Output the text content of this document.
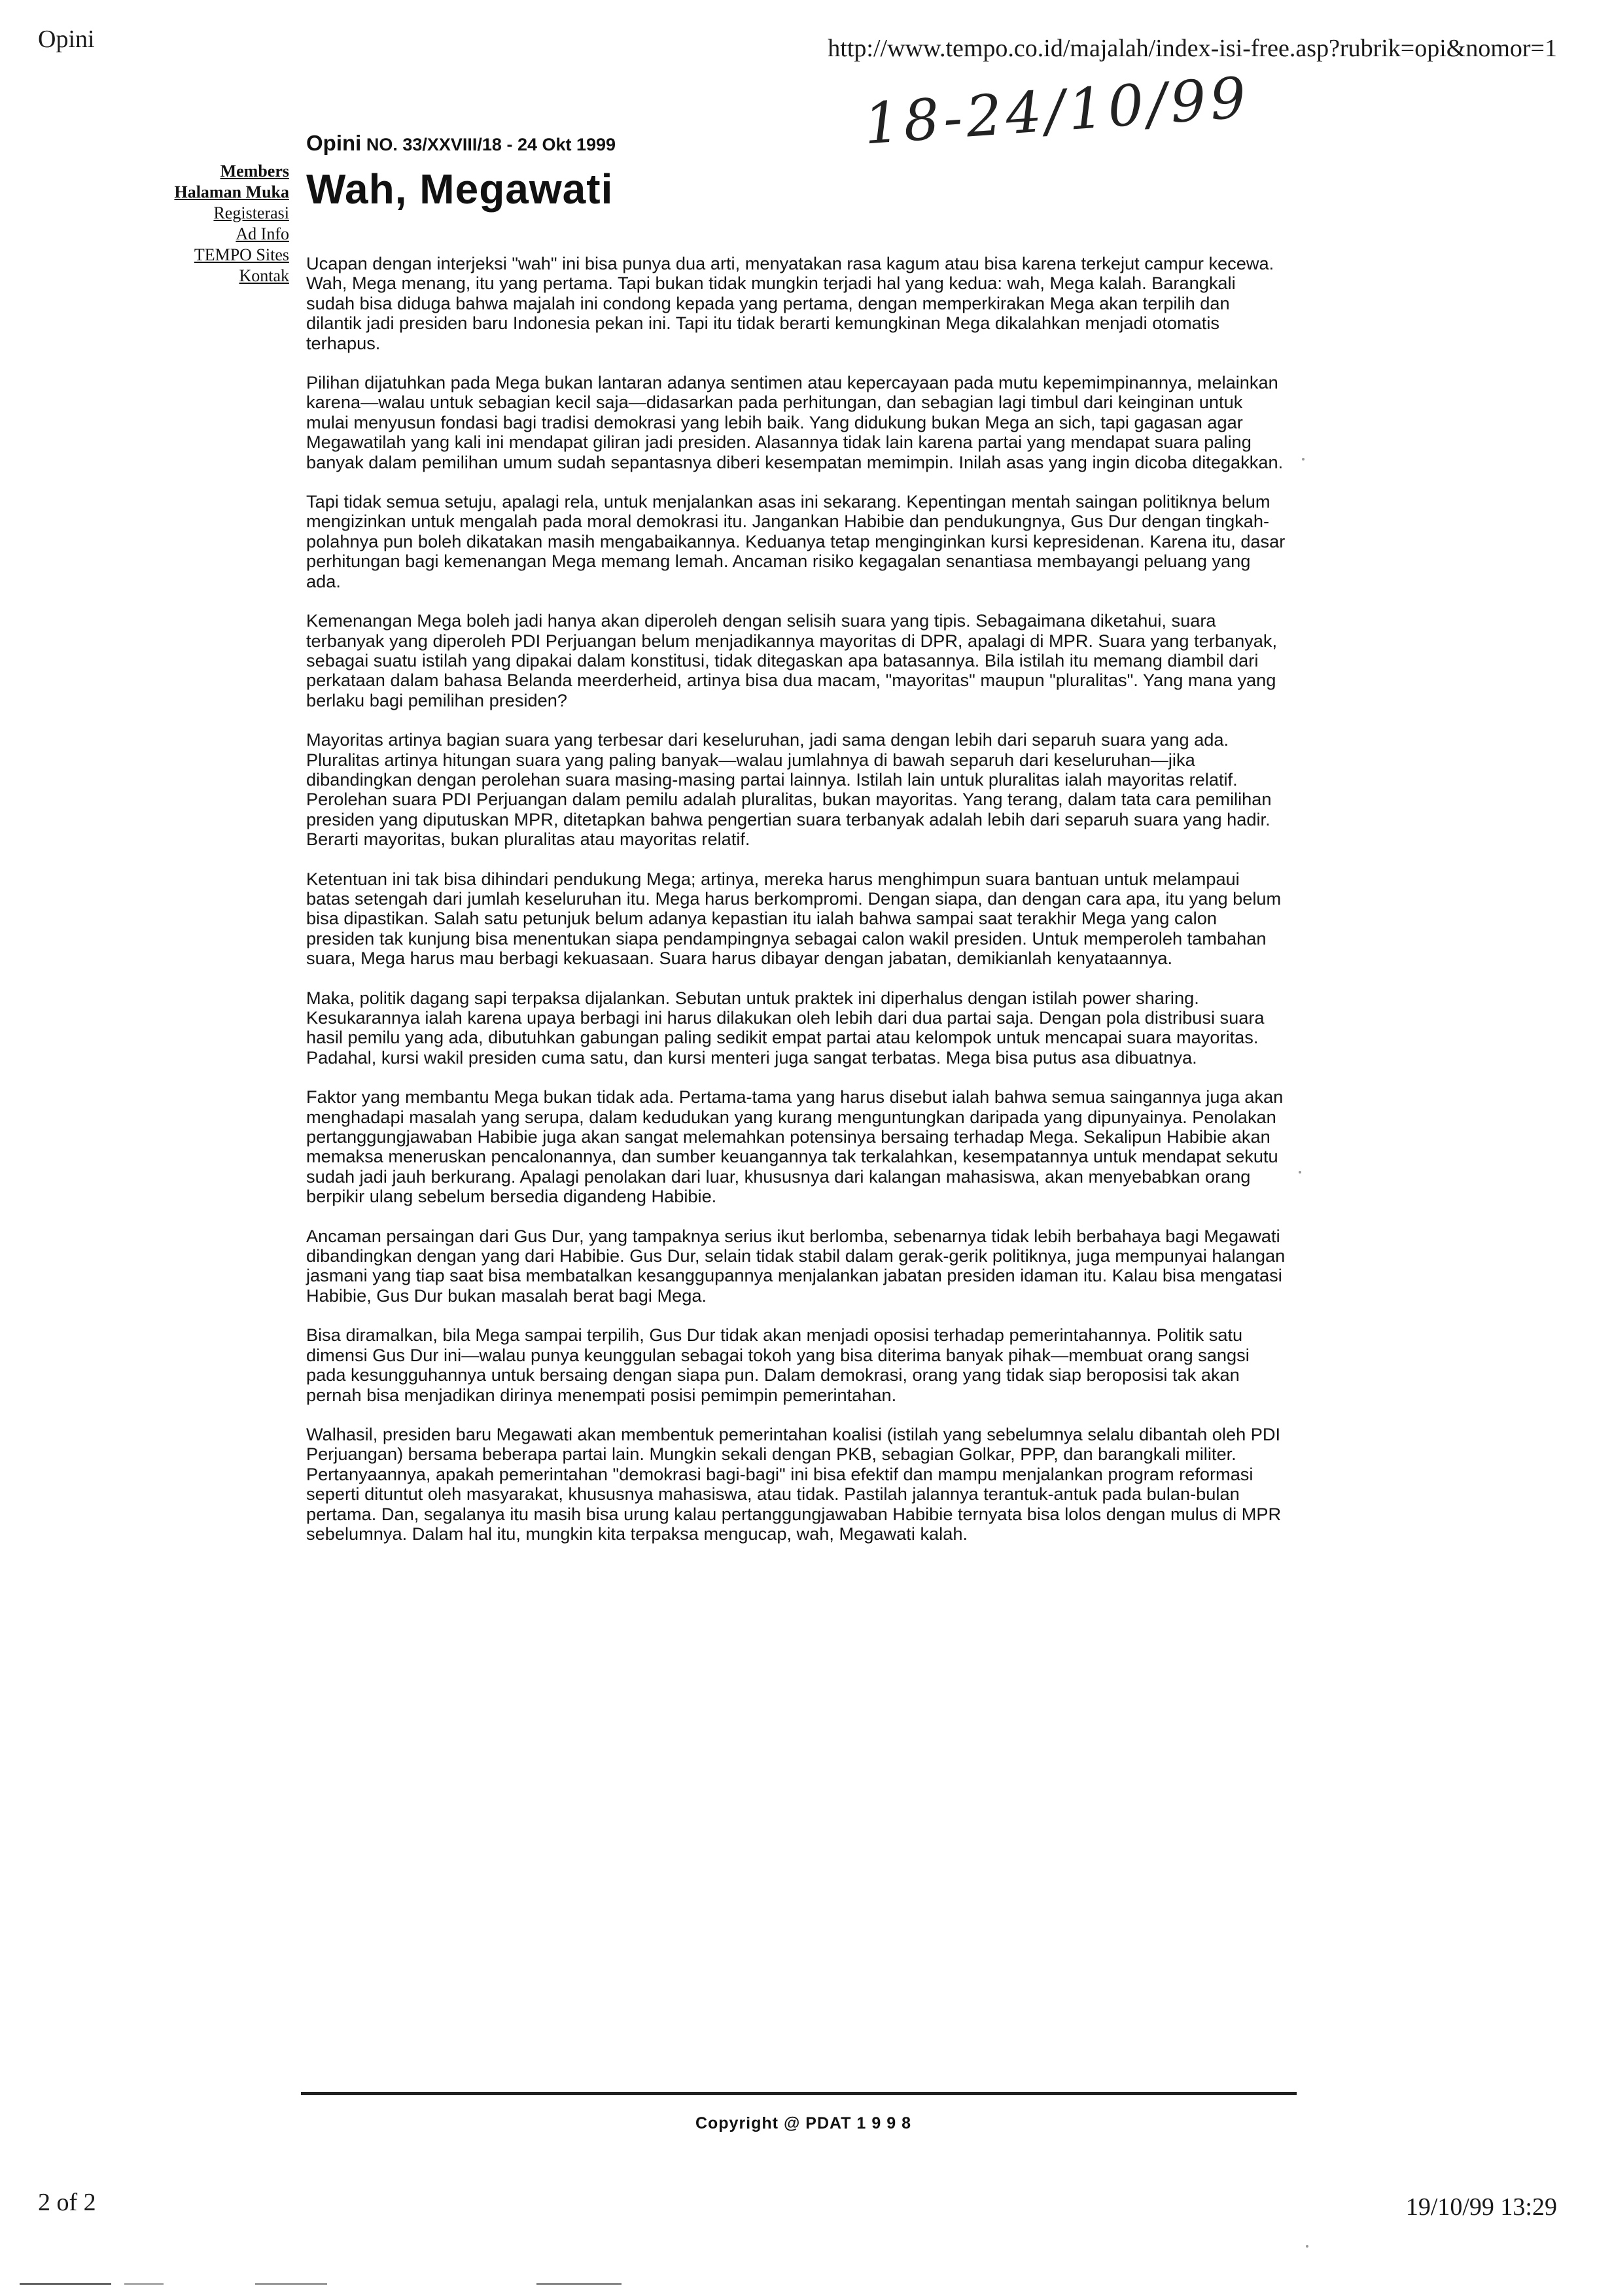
Opini	http://www.tempo.co.id/majalah/index-isi-free.asp?rubrik=opi&nomor=1
18-24/10/99
Opini NO. 33/XXVIII/18 - 24 Okt 1999
Members
Halaman Muka
Registerasi
Ad Info
TEMPO Sites
Kontak
Wah, Megawati

Ucapan dengan interjeksi "wah" ini bisa punya dua arti, menyatakan rasa kagum atau bisa karena terkejut campur kecewa. Wah, Mega menang, itu yang pertama. Tapi bukan tidak mungkin terjadi hal yang kedua: wah, Mega kalah. Barangkali sudah bisa diduga bahwa majalah ini condong kepada yang pertama, dengan memperkirakan Mega akan terpilih dan dilantik jadi presiden baru Indonesia pekan ini. Tapi itu tidak berarti kemungkinan Mega dikalahkan menjadi otomatis terhapus.

Pilihan dijatuhkan pada Mega bukan lantaran adanya sentimen atau kepercayaan pada mutu kepemimpinannya, melainkan karena—walau untuk sebagian kecil saja—didasarkan pada perhitungan, dan sebagian lagi timbul dari keinginan untuk mulai menyusun fondasi bagi tradisi demokrasi yang lebih baik. Yang didukung bukan Mega an sich, tapi gagasan agar Megawatilah yang kali ini mendapat giliran jadi presiden. Alasannya tidak lain karena partai yang mendapat suara paling banyak dalam pemilihan umum sudah sepantasnya diberi kesempatan memimpin. Inilah asas yang ingin dicoba ditegakkan.

Tapi tidak semua setuju, apalagi rela, untuk menjalankan asas ini sekarang. Kepentingan mentah saingan politiknya belum mengizinkan untuk mengalah pada moral demokrasi itu. Jangankan Habibie dan pendukungnya, Gus Dur dengan tingkah-polahnya pun boleh dikatakan masih mengabaikannya. Keduanya tetap menginginkan kursi kepresidenan. Karena itu, dasar perhitungan bagi kemenangan Mega memang lemah. Ancaman risiko kegagalan senantiasa membayangi peluang yang ada.

Kemenangan Mega boleh jadi hanya akan diperoleh dengan selisih suara yang tipis. Sebagaimana diketahui, suara terbanyak yang diperoleh PDI Perjuangan belum menjadikannya mayoritas di DPR, apalagi di MPR. Suara yang terbanyak, sebagai suatu istilah yang dipakai dalam konstitusi, tidak ditegaskan apa batasannya. Bila istilah itu memang diambil dari perkataan dalam bahasa Belanda meerderheid, artinya bisa dua macam, "mayoritas" maupun "pluralitas". Yang mana yang berlaku bagi pemilihan presiden?

Mayoritas artinya bagian suara yang terbesar dari keseluruhan, jadi sama dengan lebih dari separuh suara yang ada. Pluralitas artinya hitungan suara yang paling banyak—walau jumlahnya di bawah separuh dari keseluruhan—jika dibandingkan dengan perolehan suara masing-masing partai lainnya. Istilah lain untuk pluralitas ialah mayoritas relatif. Perolehan suara PDI Perjuangan dalam pemilu adalah pluralitas, bukan mayoritas. Yang terang, dalam tata cara pemilihan presiden yang diputuskan MPR, ditetapkan bahwa pengertian suara terbanyak adalah lebih dari separuh suara yang hadir. Berarti mayoritas, bukan pluralitas atau mayoritas relatif.

Ketentuan ini tak bisa dihindari pendukung Mega; artinya, mereka harus menghimpun suara bantuan untuk melampaui batas setengah dari jumlah keseluruhan itu. Mega harus berkompromi. Dengan siapa, dan dengan cara apa, itu yang belum bisa dipastikan. Salah satu petunjuk belum adanya kepastian itu ialah bahwa sampai saat terakhir Mega yang calon presiden tak kunjung bisa menentukan siapa pendampingnya sebagai calon wakil presiden. Untuk memperoleh tambahan suara, Mega harus mau berbagi kekuasaan. Suara harus dibayar dengan jabatan, demikianlah kenyataannya.

Maka, politik dagang sapi terpaksa dijalankan. Sebutan untuk praktek ini diperhalus dengan istilah power sharing. Kesukarannya ialah karena upaya berbagi ini harus dilakukan oleh lebih dari dua partai saja. Dengan pola distribusi suara hasil pemilu yang ada, dibutuhkan gabungan paling sedikit empat partai atau kelompok untuk mencapai suara mayoritas. Padahal, kursi wakil presiden cuma satu, dan kursi menteri juga sangat terbatas. Mega bisa putus asa dibuatnya.

Faktor yang membantu Mega bukan tidak ada. Pertama-tama yang harus disebut ialah bahwa semua saingannya juga akan menghadapi masalah yang serupa, dalam kedudukan yang kurang menguntungkan daripada yang dipunyainya. Penolakan pertanggungjawaban Habibie juga akan sangat melemahkan potensinya bersaing terhadap Mega. Sekalipun Habibie akan memaksa meneruskan pencalonannya, dan sumber keuangannya tak terkalahkan, kesempatannya untuk mendapat sekutu sudah jadi jauh berkurang. Apalagi penolakan dari luar, khususnya dari kalangan mahasiswa, akan menyebabkan orang berpikir ulang sebelum bersedia digandeng Habibie.

Ancaman persaingan dari Gus Dur, yang tampaknya serius ikut berlomba, sebenarnya tidak lebih berbahaya bagi Megawati dibandingkan dengan yang dari Habibie. Gus Dur, selain tidak stabil dalam gerak-gerik politiknya, juga mempunyai halangan jasmani yang tiap saat bisa membatalkan kesanggupannya menjalankan jabatan presiden idaman itu. Kalau bisa mengatasi Habibie, Gus Dur bukan masalah berat bagi Mega.

Bisa diramalkan, bila Mega sampai terpilih, Gus Dur tidak akan menjadi oposisi terhadap pemerintahannya. Politik satu dimensi Gus Dur ini—walau punya keunggulan sebagai tokoh yang bisa diterima banyak pihak—membuat orang sangsi pada kesungguhannya untuk bersaing dengan siapa pun. Dalam demokrasi, orang yang tidak siap beroposisi tak akan pernah bisa menjadikan dirinya menempati posisi pemimpin pemerintahan.

Walhasil, presiden baru Megawati akan membentuk pemerintahan koalisi (istilah yang sebelumnya selalu dibantah oleh PDI Perjuangan) bersama beberapa partai lain. Mungkin sekali dengan PKB, sebagian Golkar, PPP, dan barangkali militer. Pertanyaannya, apakah pemerintahan "demokrasi bagi-bagi" ini bisa efektif dan mampu menjalankan program reformasi seperti dituntut oleh masyarakat, khususnya mahasiswa, atau tidak. Pastilah jalannya terantuk-antuk pada bulan-bulan pertama. Dan, segalanya itu masih bisa urung kalau pertanggungjawaban Habibie ternyata bisa lolos dengan mulus di MPR sebelumnya. Dalam hal itu, mungkin kita terpaksa mengucap, wah, Megawati kalah.

Copyright @ PDAT 1998
2 of 2	19/10/99 13:29
